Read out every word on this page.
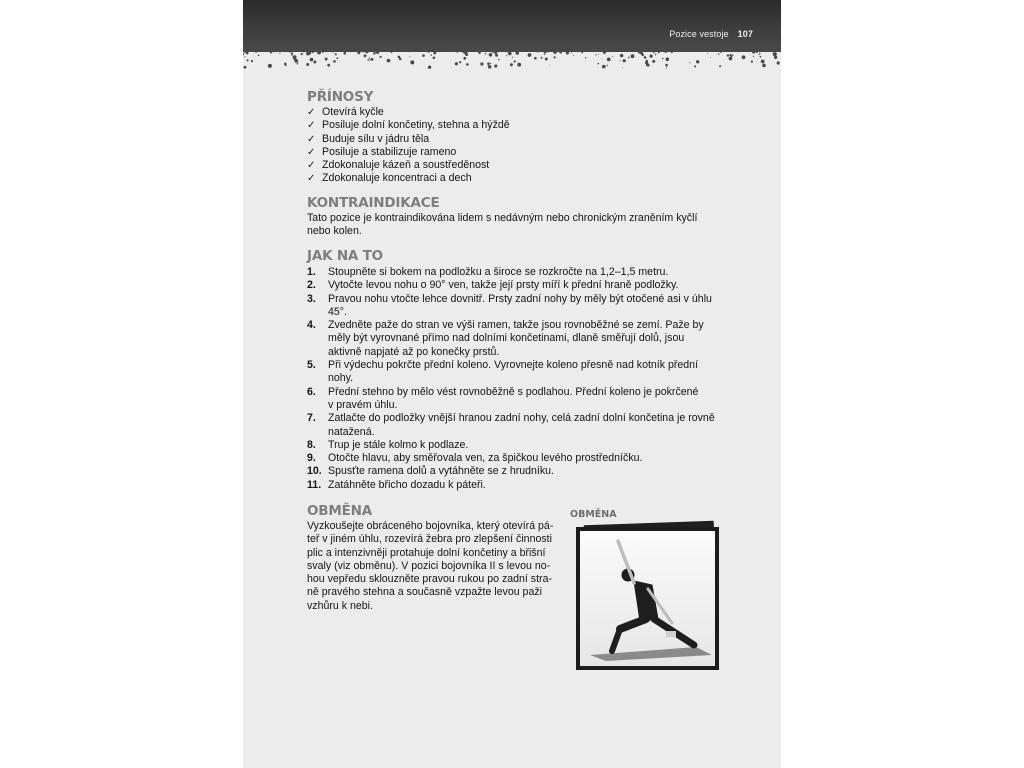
Pozice vestoje 107
PŘÍNOSY
✓ Otevírá kyčle
✓ Posiluje dolní končetiny, stehna a hýždě
✓ Buduje sílu v jádru těla
✓ Posiluje a stabilizuje rameno
✓ Zdokonaluje kázeň a soustředěnost
✓ Zdokonaluje koncentraci a dech
KONTRAINDIKACE
Tato pozice je kontraindikována lidem s nedávným nebo chronickým zraněním kyčlí
nebo kolen.
JAK NA TO
1. Stoupněte si bokem na podložku a široce se rozkročte na 1,2–1,5 metru.
2. Vytočte levou nohu o 90° ven, takže její prsty míří k přední hraně podložky.
3. Pravou nohu vtočte lehce dovnitř. Prsty zadní nohy by měly být otočené asi v úhlu
45°.
4. Zvedněte paže do stran ve výši ramen, takže jsou rovnoběžné se zemí. Paže by
měly být vyrovnané přímo nad dolními končetinami, dlaně směřují dolů, jsou
aktivně napjaté až po konečky prstů.
5. Při výdechu pokrčte přední koleno. Vyrovnejte koleno přesně nad kotník přední
nohy.
6. Přední stehno by mělo vést rovnoběžně s podlahou. Přední koleno je pokrčené
v pravém úhlu.
7. Zatlačte do podložky vnější hranou zadní nohy, celá zadní dolní končetina je rovně
natažená.
8. Trup je stále kolmo k podlaze.
9. Otočte hlavu, aby směřovala ven, za špičkou levého prostředníčku.
10. Spusťte ramena dolů a vytáhněte se z hrudníku.
11. Zatáhněte břicho dozadu k páteři.
OBMĚNA
Vyzkoušejte obráceného bojovníka, který otevírá pá-
teř v jiném úhlu, rozevírá žebra pro zlepšení činnosti
plic a intenzivněji protahuje dolní končetiny a břišní
svaly (viz obměnu). V pozici bojovníka II s levou no-
hou vepředu sklouzněte pravou rukou po zadní stra-
ně pravého stehna a současně vzpažte levou paži
vzhůru k nebi.
OBMĚNA
